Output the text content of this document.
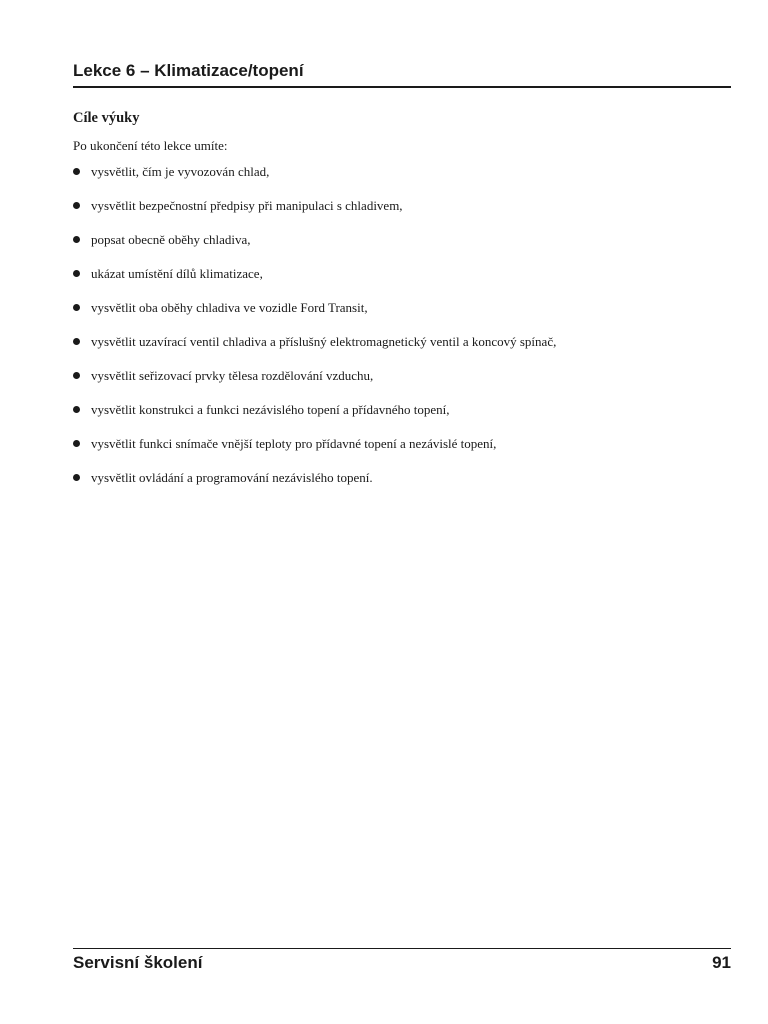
Lekce 6 – Klimatizace/topení
Cíle výuky

Po ukončení této lekce umíte:

vysvětlit, čím je vyvozován chlad,
vysvětlit bezpečnostní předpisy při manipulaci s chladivem,
popsat obecně oběhy chladiva,
ukázat umístění dílů klimatizace,
vysvětlit oba oběhy chladiva ve vozidle Ford Transit,
vysvětlit uzavírací ventil chladiva a příslušný elektromagnetický ventil a koncový spínač,
vysvětlit seřizovací prvky tělesa rozdělování vzduchu,
vysvětlit konstrukci a funkci nezávislého topení a přídavného topení,
vysvětlit funkci snímače vnější teploty pro přídavné topení a nezávislé topení,
vysvětlit ovládání a programování nezávislého topení.
Servisní školení	91
